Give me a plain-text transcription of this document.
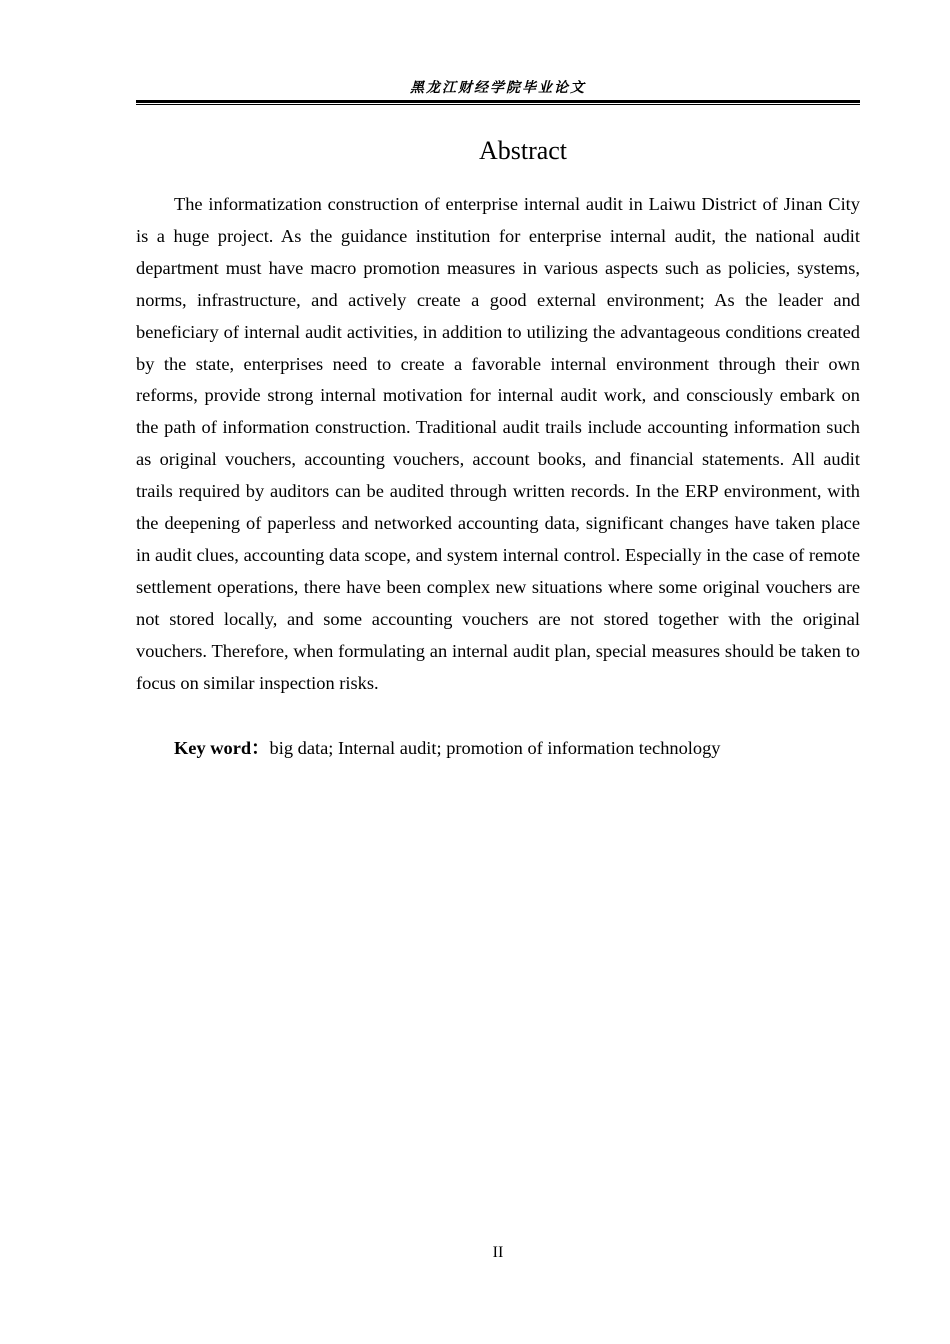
黑龙江财经学院毕业论文
Abstract

The informatization construction of enterprise internal audit in Laiwu District of Jinan City is a huge project. As the guidance institution for enterprise internal audit, the national audit department must have macro promotion measures in various aspects such as policies, systems, norms, infrastructure, and actively create a good external environment; As the leader and beneficiary of internal audit activities, in addition to utilizing the advantageous conditions created by the state, enterprises need to create a favorable internal environment through their own reforms, provide strong internal motivation for internal audit work, and consciously embark on the path of information construction. Traditional audit trails include accounting information such as original vouchers, accounting vouchers, account books, and financial statements. All audit trails required by auditors can be audited through written records. In the ERP environment, with the deepening of paperless and networked accounting data, significant changes have taken place in audit clues, accounting data scope, and system internal control. Especially in the case of remote settlement operations, there have been complex new situations where some original vouchers are not stored locally, and some accounting vouchers are not stored together with the original vouchers. Therefore, when formulating an internal audit plan, special measures should be taken to focus on similar inspection risks.

Key word：big data; Internal audit; promotion of information technology

II
